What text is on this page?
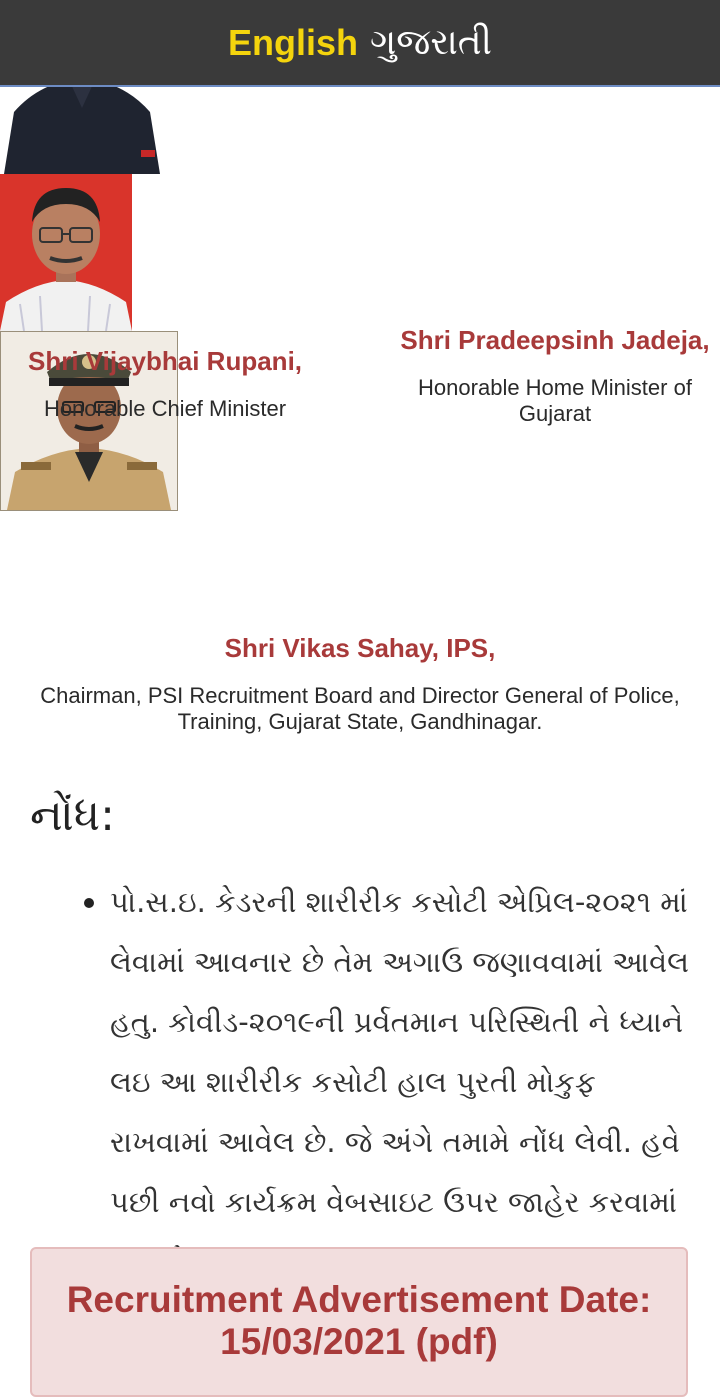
English ગુજરાતી
Shri Vijaybhai Rupani,
Honorable Chief Minister
Shri Pradeepsinh Jadeja,
Honorable Home Minister of Gujarat
Shri Vikas Sahay, IPS,
Chairman, PSI Recruitment Board and Director General of Police, Training, Gujarat State, Gandhinagar.
નોંધ:
પો.સ.ઇ. કેડરની શારીરીક કસોટી એપ્રિલ-૨૦૨૧ માં લેવામાં આવનાર છે તેમ અગાઉ જણાવવામાં આવેલ હતુ. કોવીડ-૨૦૧૯ની પ્રર્વતમાન પરિસ્થિતી ને ધ્યાને લઇ આ શારીરીક કસોટી હાલ પુરતી મોકુફ રાખવામાં આવેલ છે. જે અંગે તમામે નોંધ લેવી. હવે પછી નવો કાર્યક્રમ વેબસાઇટ ઉપર જાહેર કરવામાં
Recruitment Advertisement Date: 15/03/2021 (pdf)
